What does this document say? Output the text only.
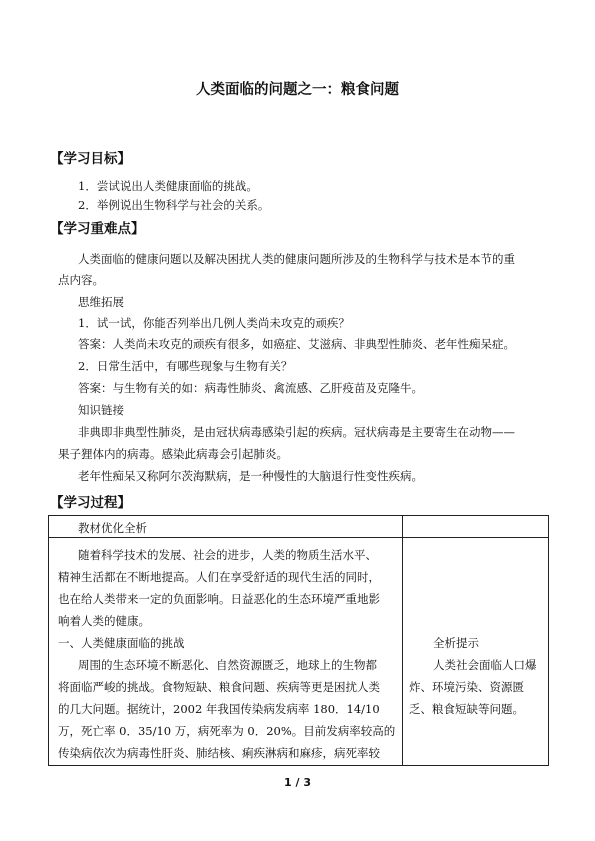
人类面临的问题之一：粮食问题
【学习目标】
1．尝试说出人类健康面临的挑战。
2．举例说出生物科学与社会的关系。
【学习重难点】
人类面临的健康问题以及解决困扰人类的健康问题所涉及的生物科学与技术是本节的重
点内容。
思维拓展
1．试一试，你能否列举出几例人类尚未攻克的顽疾？
答案：人类尚未攻克的顽疾有很多，如癌症、艾滋病、非典型性肺炎、老年性痴呆症。
2．日常生活中，有哪些现象与生物有关？
答案：与生物有关的如：病毒性肺炎、禽流感、乙肝疫苗及克隆牛。
知识链接
非典即非典型性肺炎，是由冠状病毒感染引起的疾病。冠状病毒是主要寄生在动物——
果子狸体内的病毒。感染此病毒会引起肺炎。
老年性痴呆又称阿尔茨海默病，是一种慢性的大脑退行性变性疾病。
【学习过程】
教材优化全析
随着科学技术的发展、社会的进步，人类的物质生活水平、
精神生活都在不断地提高。人们在享受舒适的现代生活的同时，
也在给人类带来一定的负面影响。日益恶化的生态环境严重地影
响着人类的健康。
一、人类健康面临的挑战
周围的生态环境不断恶化、自然资源匮乏，地球上的生物都
将面临严峻的挑战。食物短缺、粮食问题、疾病等更是困扰人类
的几大问题。据统计，2002 年我国传染病发病率 180．14/10
万，死亡率 0．35/10 万，病死率为 0．20%。目前发病率较高的
传染病依次为病毒性肝炎、肺结核、痢疾淋病和麻疹，病死率较
全析提示
人类社会面临人口爆
炸、环境污染、资源匮
乏、粮食短缺等问题。
1 / 3
